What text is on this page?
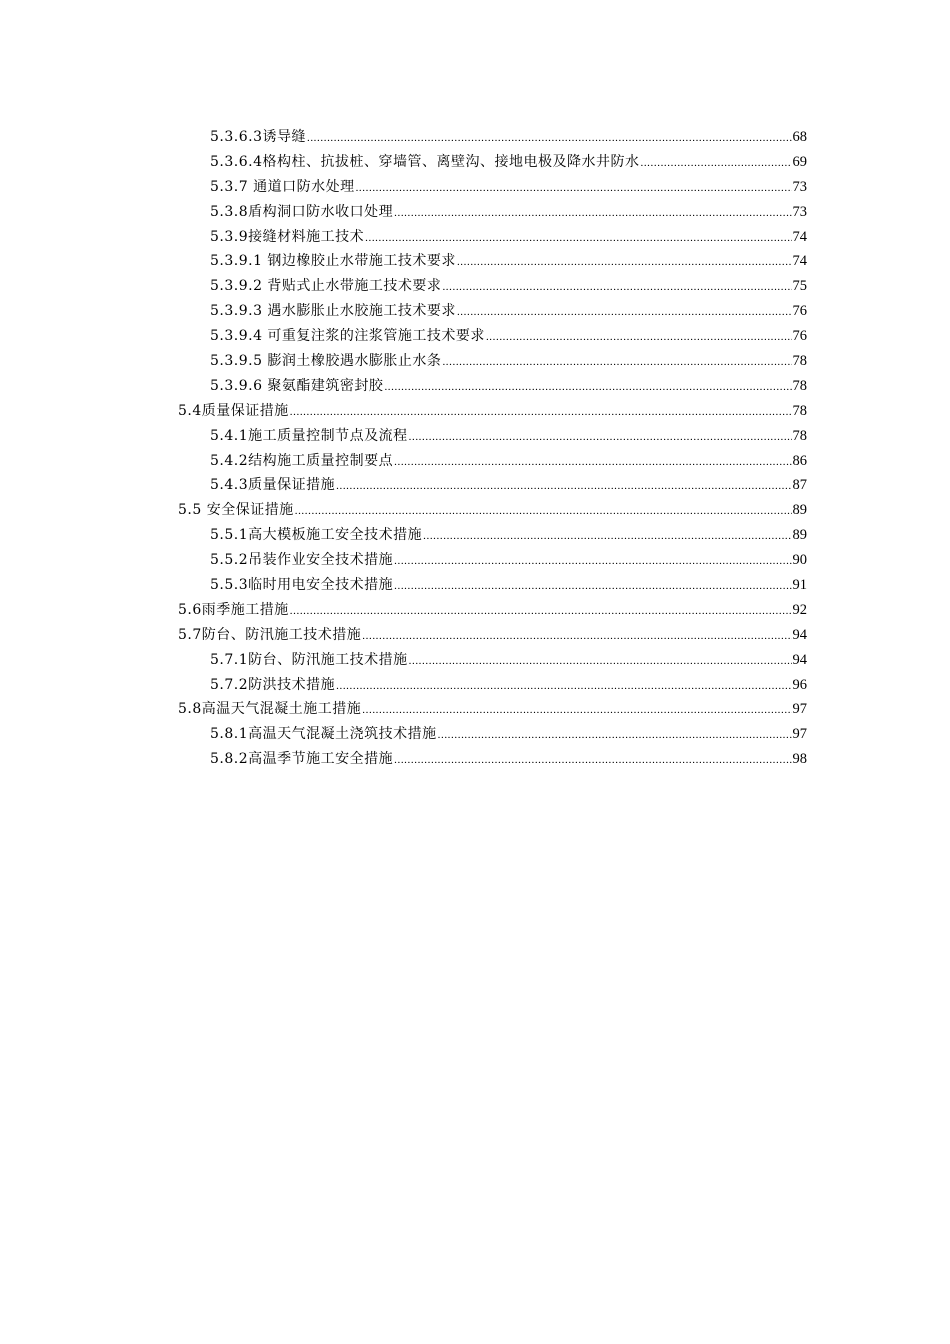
5.3.6.3诱导缝 .....	68
5.3.6.4格构柱、抗拔桩、穿墙管、离壁沟、接地电极及降水井防水 .....	69
5.3.7 通道口防水处理 .....	73
5.3.8盾构洞口防水收口处理 .....	73
5.3.9接缝材料施工技术 .....	74
5.3.9.1 钢边橡胶止水带施工技术要求 .....	74
5.3.9.2 背贴式止水带施工技术要求 .....	75
5.3.9.3 遇水膨胀止水胶施工技术要求 .....	76
5.3.9.4 可重复注浆的注浆管施工技术要求 .....	76
5.3.9.5 膨润土橡胶遇水膨胀止水条 .....	78
5.3.9.6 聚氨酯建筑密封胶 .....	78
5.4质量保证措施 .....	78
5.4.1施工质量控制节点及流程 .....	78
5.4.2结构施工质量控制要点 .....	86
5.4.3质量保证措施 .....	87
5.5 安全保证措施 .....	89
5.5.1高大模板施工安全技术措施 .....	89
5.5.2吊装作业安全技术措施 .....	90
5.5.3临时用电安全技术措施 .....	91
5.6雨季施工措施 .....	92
5.7防台、防汛施工技术措施 .....	94
5.7.1防台、防汛施工技术措施 .....	94
5.7.2防洪技术措施 .....	96
5.8高温天气混凝土施工措施 .....	97
5.8.1高温天气混凝土浇筑技术措施 .....	97
5.8.2高温季节施工安全措施 .....	98
